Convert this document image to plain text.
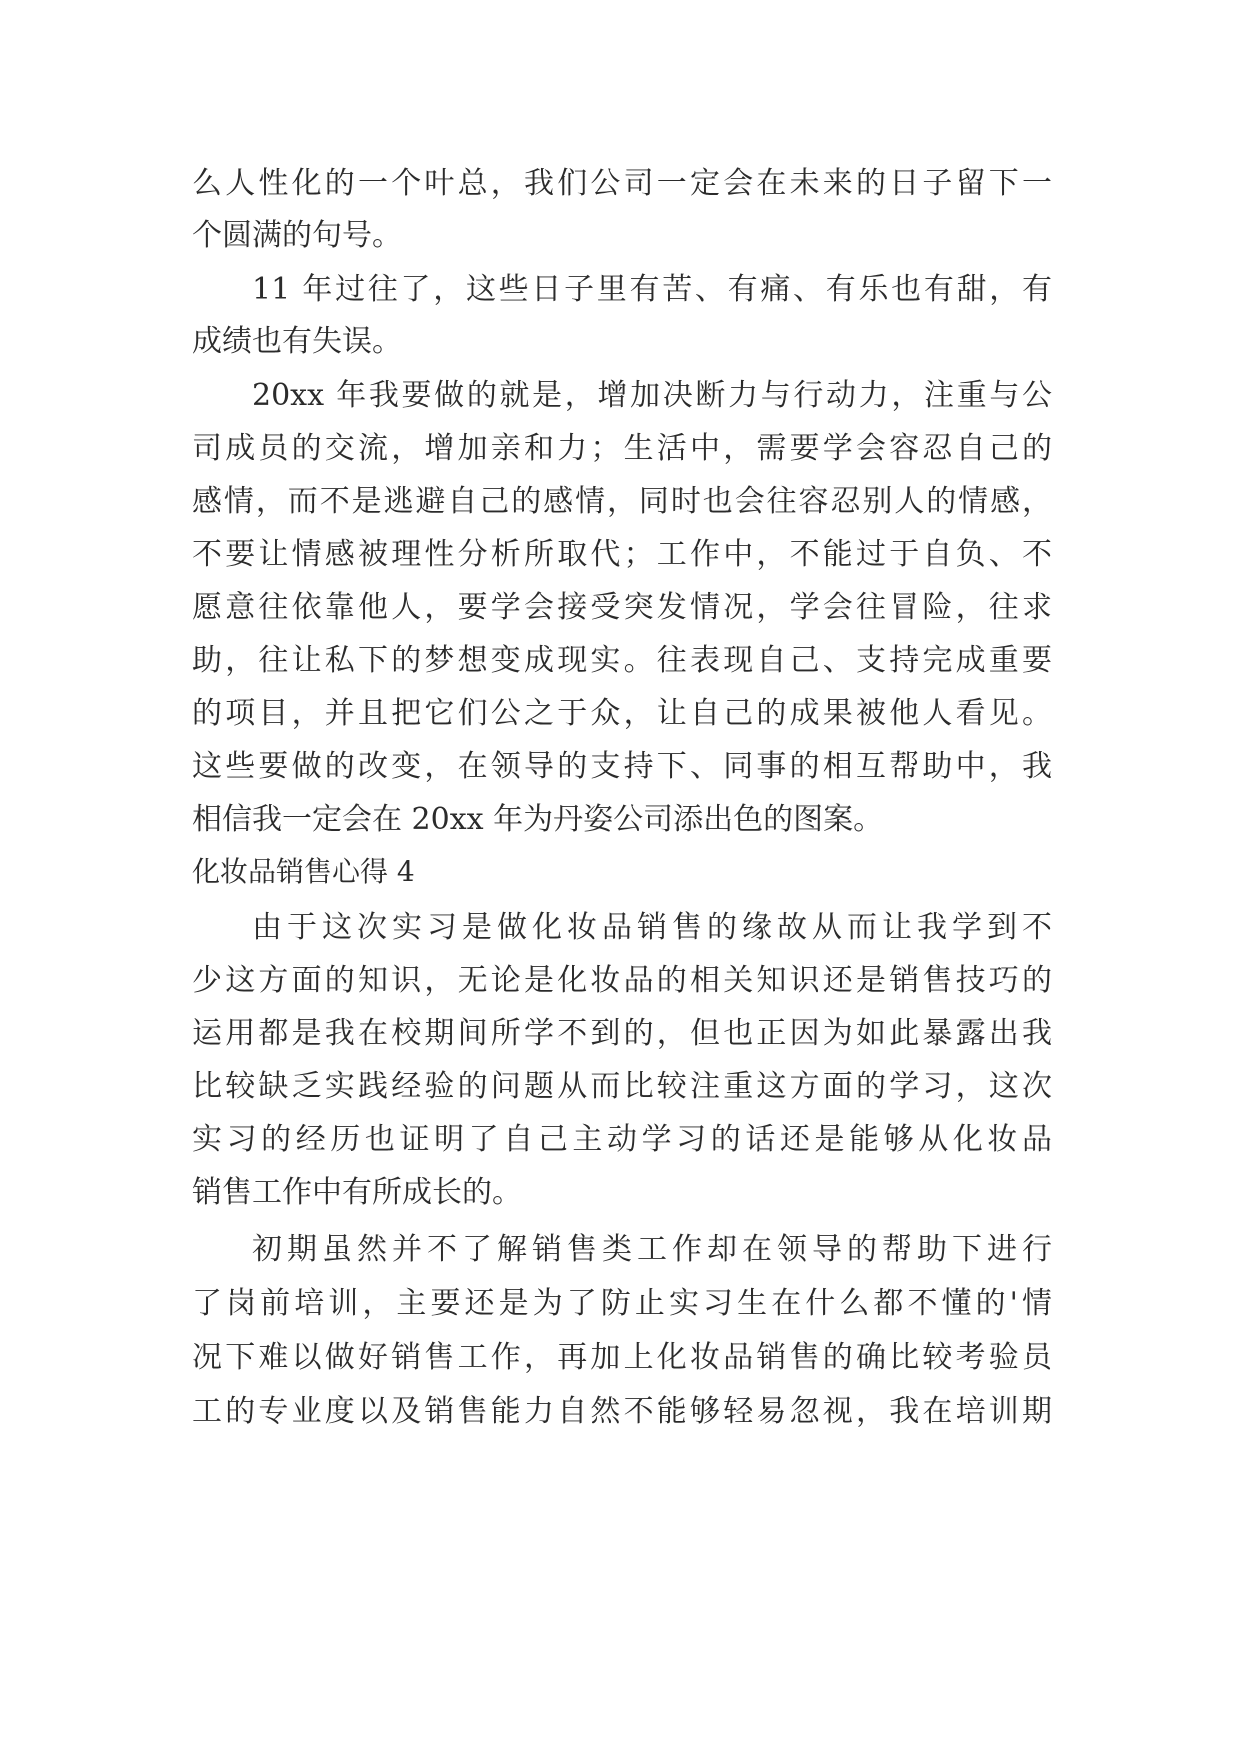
么人性化的一个叶总，我们公司一定会在未来的日子留下一
个圆满的句号。
11 年过往了，这些日子里有苦、有痛、有乐也有甜，有
成绩也有失误。
20xx 年我要做的就是，增加决断力与行动力，注重与公
司成员的交流，增加亲和力；生活中，需要学会容忍自己的
感情，而不是逃避自己的感情，同时也会往容忍别人的情感，
不要让情感被理性分析所取代；工作中，不能过于自负、不
愿意往依靠他人，要学会接受突发情况，学会往冒险，往求
助，往让私下的梦想变成现实。往表现自己、支持完成重要
的项目，并且把它们公之于众，让自己的成果被他人看见。
这些要做的改变，在领导的支持下、同事的相互帮助中，我
相信我一定会在 20xx 年为丹姿公司添出色的图案。
化妆品销售心得 4
由于这次实习是做化妆品销售的缘故从而让我学到不
少这方面的知识，无论是化妆品的相关知识还是销售技巧的
运用都是我在校期间所学不到的，但也正因为如此暴露出我
比较缺乏实践经验的问题从而比较注重这方面的学习，这次
实习的经历也证明了自己主动学习的话还是能够从化妆品
销售工作中有所成长的。
初期虽然并不了解销售类工作却在领导的帮助下进行
了岗前培训，主要还是为了防止实习生在什么都不懂的'情
况下难以做好销售工作，再加上化妆品销售的确比较考验员
工的专业度以及销售能力自然不能够轻易忽视，我在培训期
